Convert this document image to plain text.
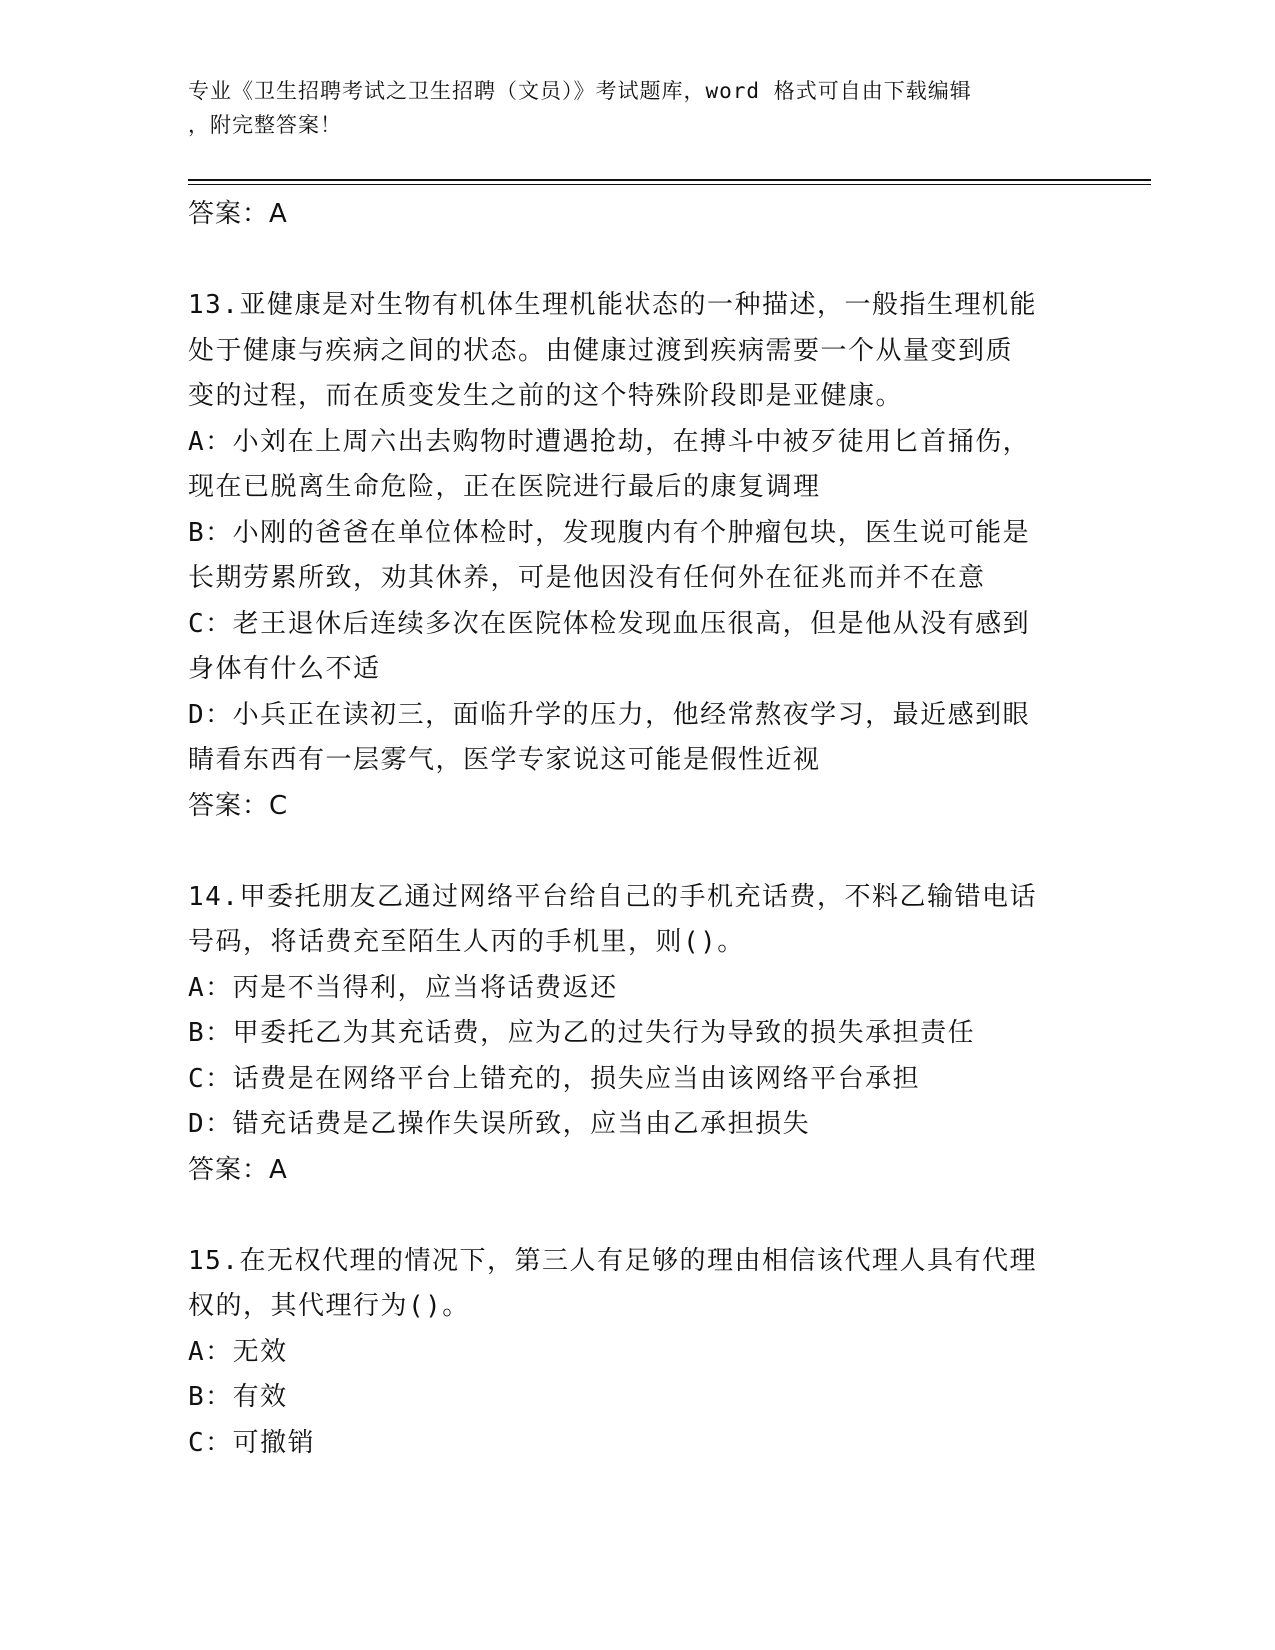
专业《卫生招聘考试之卫生招聘（文员）》考试题库，word 格式可自由下载编辑
，附完整答案！
答案：A
13.亚健康是对生物有机体生理机能状态的一种描述，一般指生理机能
处于健康与疾病之间的状态。由健康过渡到疾病需要一个从量变到质
变的过程，而在质变发生之前的这个特殊阶段即是亚健康。
A：小刘在上周六出去购物时遭遇抢劫，在搏斗中被歹徒用匕首捅伤，
现在已脱离生命危险，正在医院进行最后的康复调理
B：小刚的爸爸在单位体检时，发现腹内有个肿瘤包块，医生说可能是
长期劳累所致，劝其休养，可是他因没有任何外在征兆而并不在意
C：老王退休后连续多次在医院体检发现血压很高，但是他从没有感到
身体有什么不适
D：小兵正在读初三，面临升学的压力，他经常熬夜学习，最近感到眼
睛看东西有一层雾气，医学专家说这可能是假性近视
答案：C
14.甲委托朋友乙通过网络平台给自己的手机充话费，不料乙输错电话
号码，将话费充至陌生人丙的手机里，则()。
A：丙是不当得利，应当将话费返还
B：甲委托乙为其充话费，应为乙的过失行为导致的损失承担责任
C：话费是在网络平台上错充的，损失应当由该网络平台承担
D：错充话费是乙操作失误所致，应当由乙承担损失
答案：A
15.在无权代理的情况下，第三人有足够的理由相信该代理人具有代理
权的，其代理行为()。
A：无效
B：有效
C：可撤销
